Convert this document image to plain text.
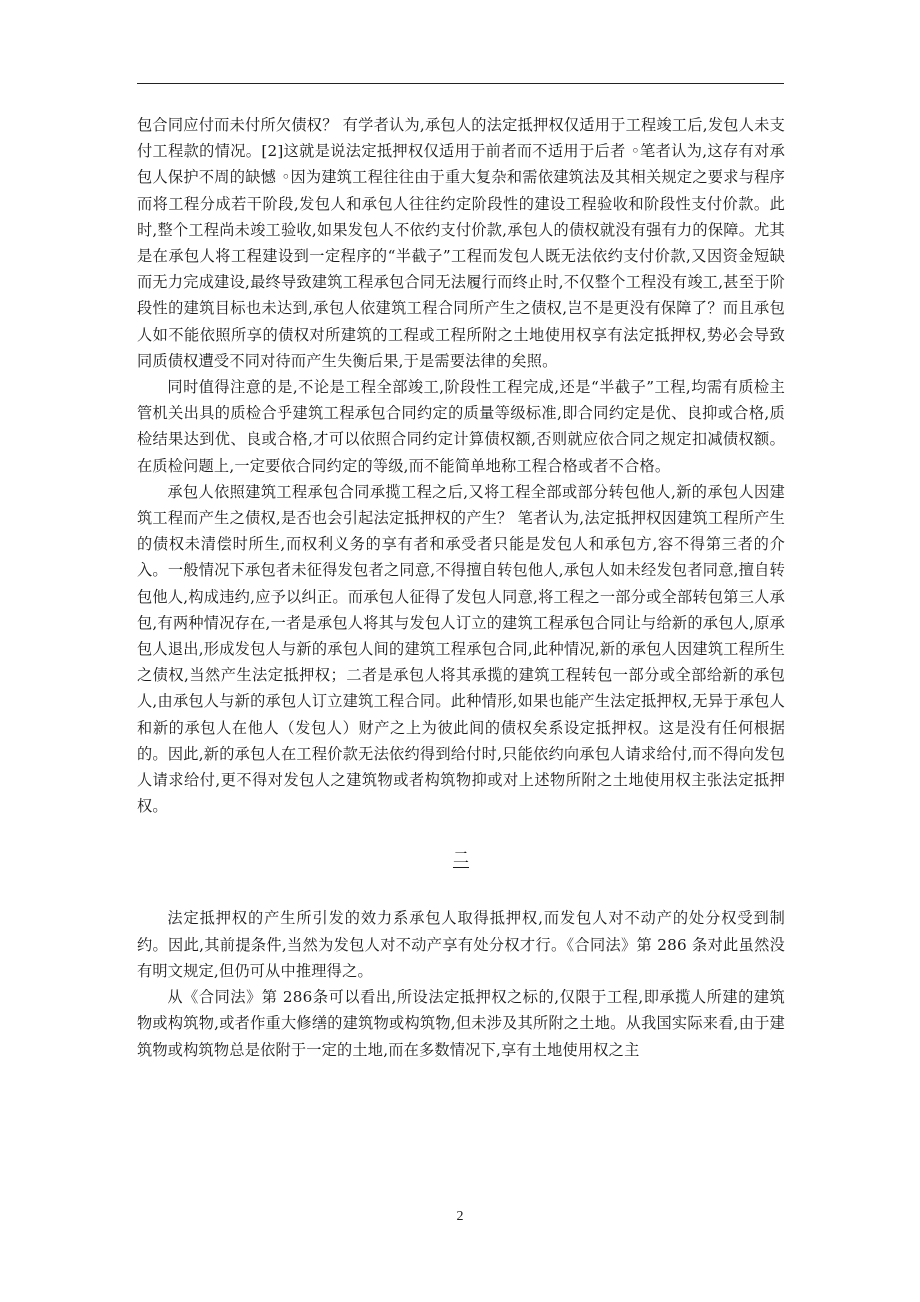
包合同应付而未付所欠债权？ 有学者认为,承包人的法定抵押权仅适用于工程竣工后,发包人未支付工程款的情况。[2]这就是说法定抵押权仅适用于前者而不适用于后者 ◦笔者认为,这存有对承包人保护不周的缺憾 ◦因为建筑工程往往由于重大复杂和需依建筑法及其相关规定之要求与程序而将工程分成若干阶段,发包人和承包人往往约定阶段性的建设工程验收和阶段性支付价款。此时,整个工程尚未竣工验收,如果发包人不依约支付价款,承包人的债权就没有强有力的保障。尤其是在承包人将工程建设到一定程序的“半截子”工程而发包人既无法依约支付价款,又因资金短缺而无力完成建设,最终导致建筑工程承包合同无法履行而终止时,不仅整个工程没有竣工,甚至于阶段性的建筑目标也未达到,承包人依建筑工程合同所产生之债权,岂不是更没有保障了？而且承包人如不能依照所享的债权对所建筑的工程或工程所附之土地使用权享有法定抵押权,势必会导致同质债权遭受不同对待而产生失衡后果,于是需要法律的矣照。

同时值得注意的是,不论是工程全部竣工,阶段性工程完成,还是“半截子”工程,均需有质检主管机关出具的质检合乎建筑工程承包合同约定的质量等级标准,即合同约定是优、良抑或合格,质检结果达到优、良或合格,才可以依照合同约定计算债权额,否则就应依合同之规定扣减债权额。在质检问题上,一定要依合同约定的等级,而不能简单地称工程合格或者不合格。

承包人依照建筑工程承包合同承揽工程之后,又将工程全部或部分转包他人,新的承包人因建筑工程而产生之债权,是否也会引起法定抵押权的产生？ 笔者认为,法定抵押权因建筑工程所产生的债权未清偿时所生,而权利义务的享有者和承受者只能是发包人和承包方,容不得第三者的介入。一般情况下承包者未征得发包者之同意,不得擅自转包他人,承包人如未经发包者同意,擅自转包他人,构成违约,应予以纠正。而承包人征得了发包人同意,将工程之一部分或全部转包第三人承包,有两种情况存在,一者是承包人将其与发包人订立的建筑工程承包合同让与给新的承包人,原承包人退出,形成发包人与新的承包人间的建筑工程承包合同,此种情况,新的承包人因建筑工程所生之债权,当然产生法定抵押权；二者是承包人将其承揽的建筑工程转包一部分或全部给新的承包人,由承包人与新的承包人订立建筑工程合同。此种情形,如果也能产生法定抵押权,无异于承包人和新的承包人在他人（发包人）财产之上为彼此间的债权矣系设定抵押权。这是没有任何根据的。因此,新的承包人在工程价款无法依约得到给付时,只能依约向承包人请求给付,而不得向发包人请求给付,更不得对发包人之建筑物或者构筑物抑或对上述物所附之土地使用权主张法定抵押权。

二

法定抵押权的产生所引发的效力系承包人取得抵押权,而发包人对不动产的处分权受到制约。因此,其前提条件,当然为发包人对不动产享有处分权才行。《合同法》第 286 条对此虽然没有明文规定,但仍可从中推理得之。

从《合同法》第 286条可以看出,所设法定抵押权之标的,仅限于工程,即承揽人所建的建筑物或构筑物,或者作重大修缮的建筑物或构筑物,但未涉及其所附之土地。从我国实际来看,由于建筑物或构筑物总是依附于一定的土地,而在多数情况下,享有土地使用权之主

2
